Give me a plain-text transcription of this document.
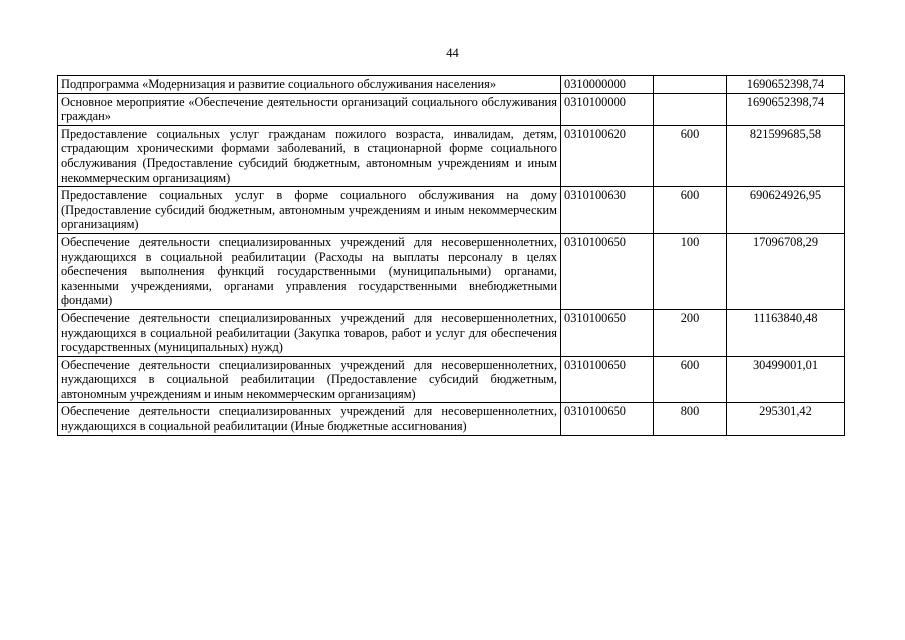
44
Подпрограмма «Модернизация и развитие социального обслуживания населения»	0310000000		1690652398,74
Основное мероприятие «Обеспечение деятельности организаций социального обслуживания граждан»	0310100000		1690652398,74
Предоставление социальных услуг гражданам пожилого возраста, инвалидам, детям, страдающим хроническими формами заболеваний, в стационарной форме социального обслуживания (Предоставление субсидий бюджетным, автономным учреждениям и иным некоммерческим организациям)	0310100620	600	821599685,58
Предоставление социальных услуг в форме социального обслуживания на дому (Предоставление субсидий бюджетным, автономным учреждениям и иным некоммерческим организациям)	0310100630	600	690624926,95
Обеспечение деятельности специализированных учреждений для несовершеннолетних, нуждающихся в социальной реабилитации (Расходы на выплаты персоналу в целях обеспечения выполнения функций государственными (муниципальными) органами, казенными учреждениями, органами управления государственными внебюджетными фондами)	0310100650	100	17096708,29
Обеспечение деятельности специализированных учреждений для несовершеннолетних, нуждающихся в социальной реабилитации (Закупка товаров, работ и услуг для обеспечения государственных (муниципальных) нужд)	0310100650	200	11163840,48
Обеспечение деятельности специализированных учреждений для несовершеннолетних, нуждающихся в социальной реабилитации (Предоставление субсидий бюджетным, автономным учреждениям и иным некоммерческим организациям)	0310100650	600	30499001,01
Обеспечение деятельности специализированных учреждений для несовершеннолетних, нуждающихся в социальной реабилитации (Иные бюджетные ассигнования)	0310100650	800	295301,42
